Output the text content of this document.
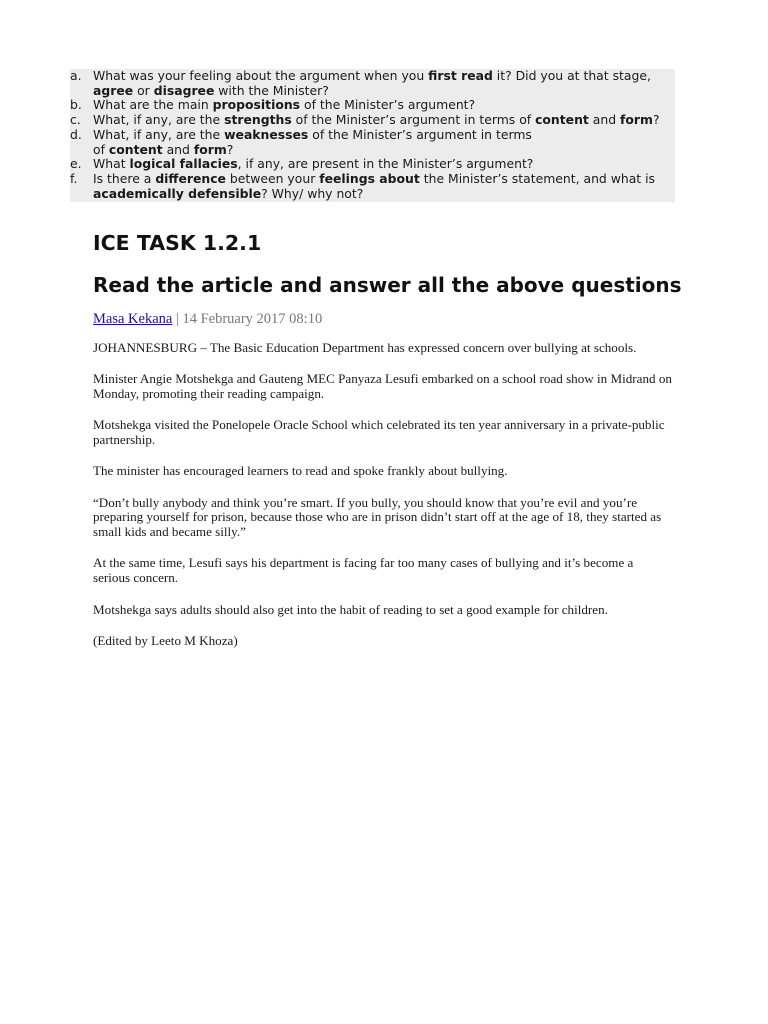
a. What was your feeling about the argument when you first read it? Did you at that stage, agree or disagree with the Minister?
b. What are the main propositions of the Minister’s argument?
c. What, if any, are the strengths of the Minister’s argument in terms of content and form?
d. What, if any, are the weaknesses of the Minister’s argument in terms
of content and form?
e. What logical fallacies, if any, are present in the Minister’s argument?
f.	Is there a difference between your feelings about the Minister’s statement, and what is academically defensible? Why/ why not?
ICE TASK 1.2.1
Read the article and answer all the above questions
Masa Kekana | 14 February 2017 08:10

JOHANNESBURG – The Basic Education Department has expressed concern over bullying at schools.

Minister Angie Motshekga and Gauteng MEC Panyaza Lesufi embarked on a school road show in Midrand on Monday, promoting their reading campaign.

Motshekga visited the Ponelopele Oracle School which celebrated its ten year anniversary in a private-public partnership.

The minister has encouraged learners to read and spoke frankly about bullying.

“Don’t bully anybody and think you’re smart. If you bully, you should know that you’re evil and you’re preparing yourself for prison, because those who are in prison didn’t start off at the age of 18, they started as small kids and became silly.”

At the same time, Lesufi says his department is facing far too many cases of bullying and it’s become a serious concern.

Motshekga says adults should also get into the habit of reading to set a good example for children.

(Edited by Leeto M Khoza)
